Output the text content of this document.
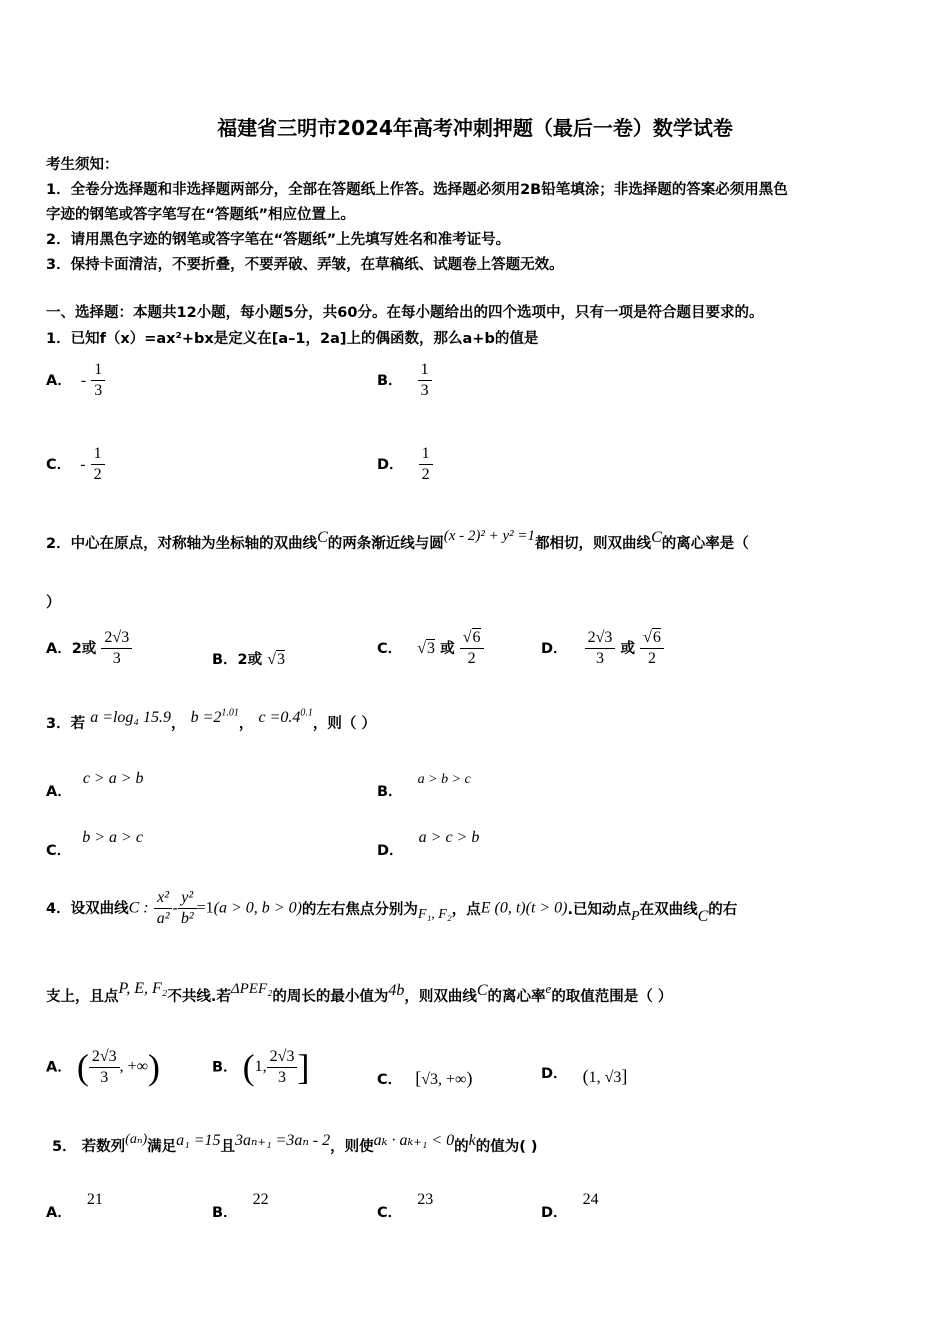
福建省三明市2024年高考冲刺押题（最后一卷）数学试卷
考生须知：
1．全卷分选择题和非选择题两部分，全部在答题纸上作答。选择题必须用2B铅笔填涂；非选择题的答案必须用黑色
字迹的钢笔或答字笔写在“答题纸”相应位置上。
2．请用黑色字迹的钢笔或答字笔在“答题纸”上先填写姓名和准考证号。
3．保持卡面清洁，不要折叠，不要弄破、弄皱，在草稿纸、试题卷上答题无效。
一、选择题：本题共12小题，每小题5分，共60分。在每小题给出的四个选项中，只有一项是符合题目要求的。
1．已知f（x）=ax²+bx是定义在[a–1，2a]上的偶函数，那么a+b的值是
A． - $\frac{1}{3}$	B． $\frac{1}{3}$
C． - $\frac{1}{2}$	D． $\frac{1}{2}$
2．中心在原点，对称轴为坐标轴的双曲线C的两条渐近线与圆(x - 2)² + y² =1都相切，则双曲线C的离心率是（
）
A．2或 $\frac{2√3}{3}$	B．2或 √3
C． √3 或 $\frac{√6}{2}$	D． $\frac{2√3}{3}$ 或 $\frac{√6}{2}$
3．若 a =log₄ 15.9， $b =2^{1.01}$， $c =0.4^{0.1}$，则（ ）
A． c > a > b
B． a > b > c
C． b > a > c
D． a > c > b
4．设双曲线C : $\frac{\text{x²}}{\text{a²}} - \frac{\text{y²}}{\text{b²}} =1(a > 0$, b > 0)的左右焦点分别为F₁, F₂，点E (0, t)(t > 0).已知动点P在双曲线C的右
支上，且点P, E, F₂不共线.若ΔPEF₂的周长的最小值为4b，则双曲线C的离心率$^e$的取值范围是（ ）
A． ( $\frac{2√3}{3}$ , +∞)	B． (1, $\frac{2√3}{3}$ ]	C． [√3, +∞)	D． (1, √3]
5． 若数列(aₙ)满足a₁ =15且3aₙ₊₁ =3aₙ - 2，则使aₖ · aₖ₊₁ < 0的k的值为( )
A． 21
B． 22
C． 23
D． 24
